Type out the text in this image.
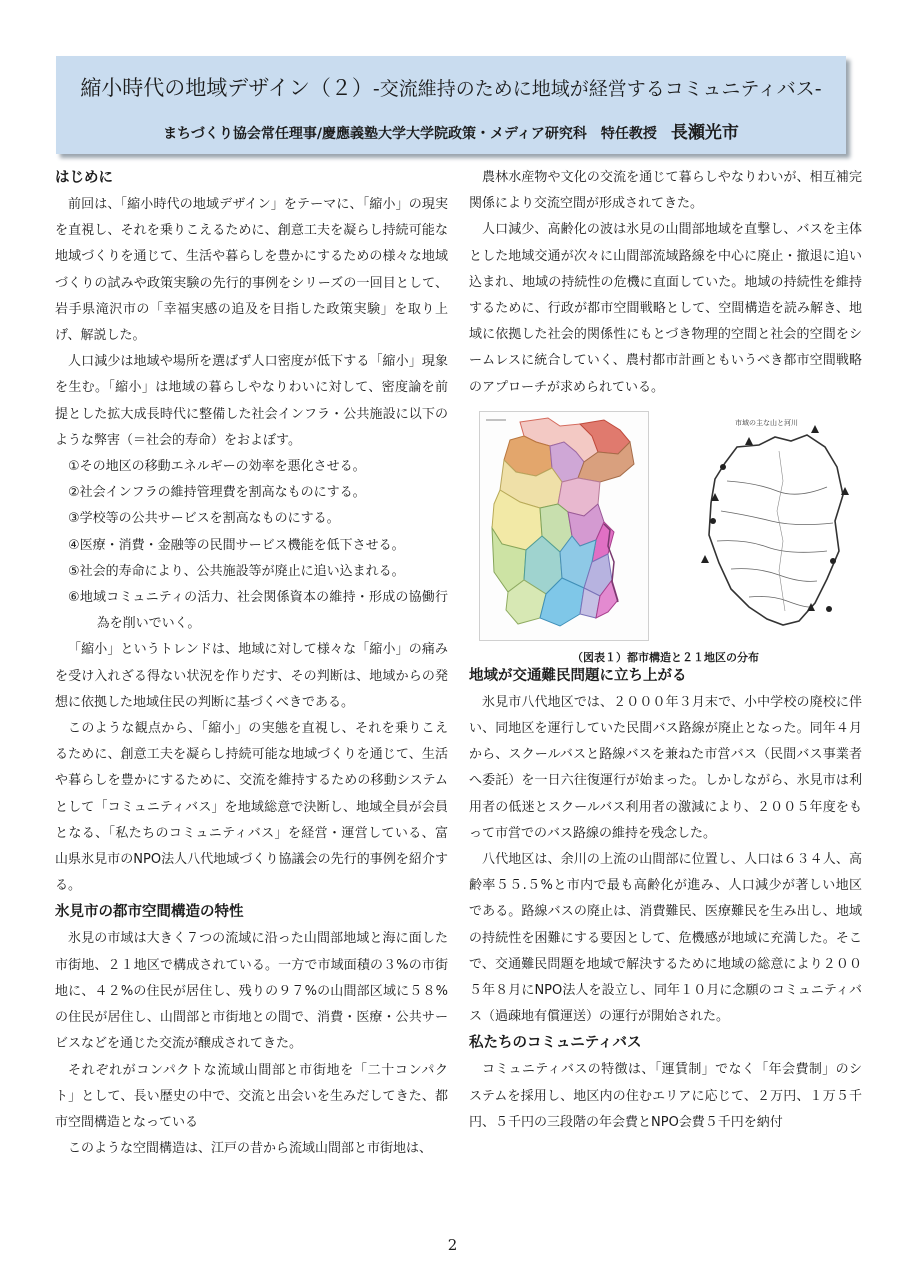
縮小時代の地域デザイン（２）-交流維持のために地域が経営するコミュニティバス-
まちづくり協会常任理事/慶應義塾大学大学院政策・メディア研究科　特任教授 長瀬光市
はじめに

前回は、「縮小時代の地域デザイン」をテーマに、「縮小」の現実を直視し、それを乗りこえるために、創意工夫を凝らし持続可能な地域づくりを通じて、生活や暮らしを豊かにするための様々な地域づくりの試みや政策実験の先行的事例をシリーズの一回目として、岩手県滝沢市の「幸福実感の追及を目指した政策実験」を取り上げ、解説した。

人口減少は地域や場所を選ばず人口密度が低下する「縮小」現象を生む。「縮小」は地域の暮らしやなりわいに対して、密度論を前提とした拡大成長時代に整備した社会インフラ・公共施設に以下のような弊害（＝社会的寿命）をおよぼす。

①その地区の移動エネルギーの効率を悪化させる。

②社会インフラの維持管理費を割高なものにする。

③学校等の公共サービスを割高なものにする。

④医療・消費・金融等の民間サービス機能を低下させる。

⑤社会的寿命により、公共施設等が廃止に追い込まれる。

⑥地域コミュニティの活力、社会関係資本の維持・形成の協働行為を削いでいく。

「縮小」というトレンドは、地域に対して様々な「縮小」の痛みを受け入れざる得ない状況を作りだす、その判断は、地域からの発想に依拠した地域住民の判断に基づくべきである。

このような観点から、「縮小」の実態を直視し、それを乗りこえるために、創意工夫を凝らし持続可能な地域づくりを通じて、生活や暮らしを豊かにするために、交流を維持するための移動システムとして「コミュニティバス」を地域総意で決断し、地域全員が会員となる、「私たちのコミュニティバス」を経営・運営している、富山県氷見市のNPO法人八代地域づくり協議会の先行的事例を紹介する。

氷見市の都市空間構造の特性

氷見の市域は大きく７つの流域に沿った山間部地域と海に面した市街地、２１地区で構成されている。一方で市域面積の３%の市街地に、４２%の住民が居住し、残りの９７%の山間部区域に５８%の住民が居住し、山間部と市街地との間で、消費・医療・公共サービスなどを通じた交流が醸成されてきた。

それぞれがコンパクトな流域山間部と市街地を「二十コンパクト」として、長い歴史の中で、交流と出会いを生みだしてきた、都市空間構造となっている

このような空間構造は、江戸の昔から流域山間部と市街地は、

農林水産物や文化の交流を通じて暮らしやなりわいが、相互補完関係により交流空間が形成されてきた。

人口減少、高齢化の波は氷見の山間部地域を直撃し、バスを主体とした地域交通が次々に山間部流域路線を中心に廃止・撤退に追い込まれ、地域の持続性の危機に直面していた。地域の持続性を維持するために、行政が都市空間戦略として、空間構造を読み解き、地域に依拠した社会的関係性にもとづき物理的空間と社会的空間をシームレスに統合していく、農村都市計画ともいうべき都市空間戦略のアプローチが求められている。

市域の主な山と河川
（図表１）都市構造と２１地区の分布
地域が交通難民問題に立ち上がる

氷見市八代地区では、２０００年３月末で、小中学校の廃校に伴い、同地区を運行していた民間バス路線が廃止となった。同年４月から、スクールバスと路線バスを兼ねた市営バス（民間バス事業者へ委託）を一日六往復運行が始まった。しかしながら、氷見市は利用者の低迷とスクールバス利用者の激減により、２００５年度をもって市営でのバス路線の維持を残念した。

八代地区は、余川の上流の山間部に位置し、人口は６３４人、高齢率５５.５%と市内で最も高齢化が進み、人口減少が著しい地区である。路線バスの廃止は、消費難民、医療難民を生み出し、地域の持続性を困難にする要因として、危機感が地域に充満した。そこで、交通難民問題を地域で解決するために地域の総意により２００５年８月にNPO法人を設立し、同年１０月に念願のコミュニティバス（過疎地有償運送）の運行が開始された。

私たちのコミュニティバス

コミュニティバスの特徴は、「運賃制」でなく「年会費制」のシステムを採用し、地区内の住むエリアに応じて、２万円、１万５千円、５千円の三段階の年会費とNPO会費５千円を納付

2
